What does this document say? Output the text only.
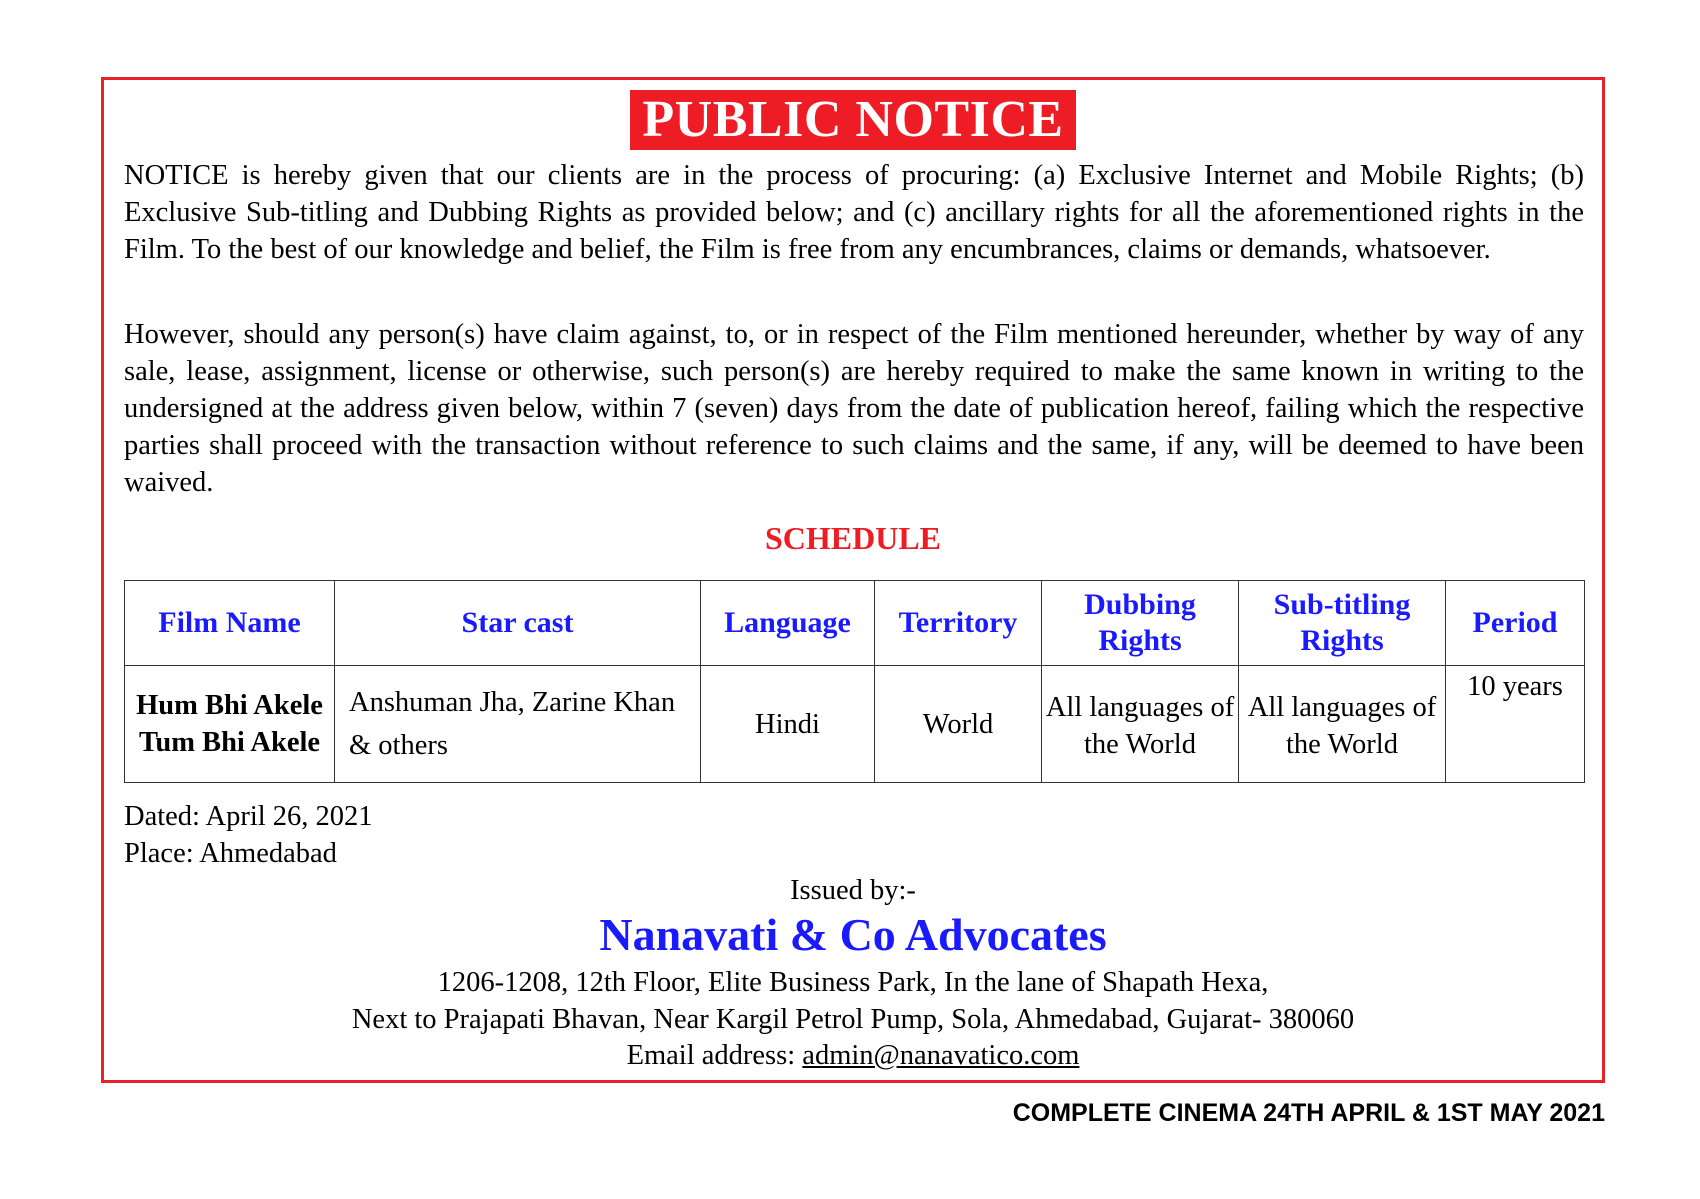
PUBLIC NOTICE

NOTICE is hereby given that our clients are in the process of procuring: (a) Exclusive Internet and Mobile Rights; (b) Exclusive Sub-titling and Dubbing Rights as provided below; and (c) ancillary rights for all the aforementioned rights in the Film. To the best of our knowledge and belief, the Film is free from any encumbrances, claims or demands, whatsoever.

However, should any person(s) have claim against, to, or in respect of the Film mentioned hereunder, whether by way of any sale, lease, assignment, license or otherwise, such person(s) are hereby required to make the same known in writing to the undersigned at the address given below, within 7 (seven) days from the date of publication hereof, failing which the respective parties shall proceed with the transaction without reference to such claims and the same, if any, will be deemed to have been waived.

SCHEDULE
Film Name	Star cast	Language	Territory	Dubbing Rights	Sub-titling Rights	Period
Hum Bhi Akele Tum Bhi Akele	Anshuman Jha, Zarine Khan & others	Hindi	World	All languages of the World	All languages of the World	10 years
Dated: April 26, 2021
Place: Ahmedabad
Issued by:-
Nanavati & Co Advocates
1206-1208, 12th Floor, Elite Business Park, In the lane of Shapath Hexa,
Next to Prajapati Bhavan, Near Kargil Petrol Pump, Sola, Ahmedabad, Gujarat- 380060
Email address: admin@nanavatico.com
COMPLETE CINEMA 24TH APRIL & 1ST MAY 2021
